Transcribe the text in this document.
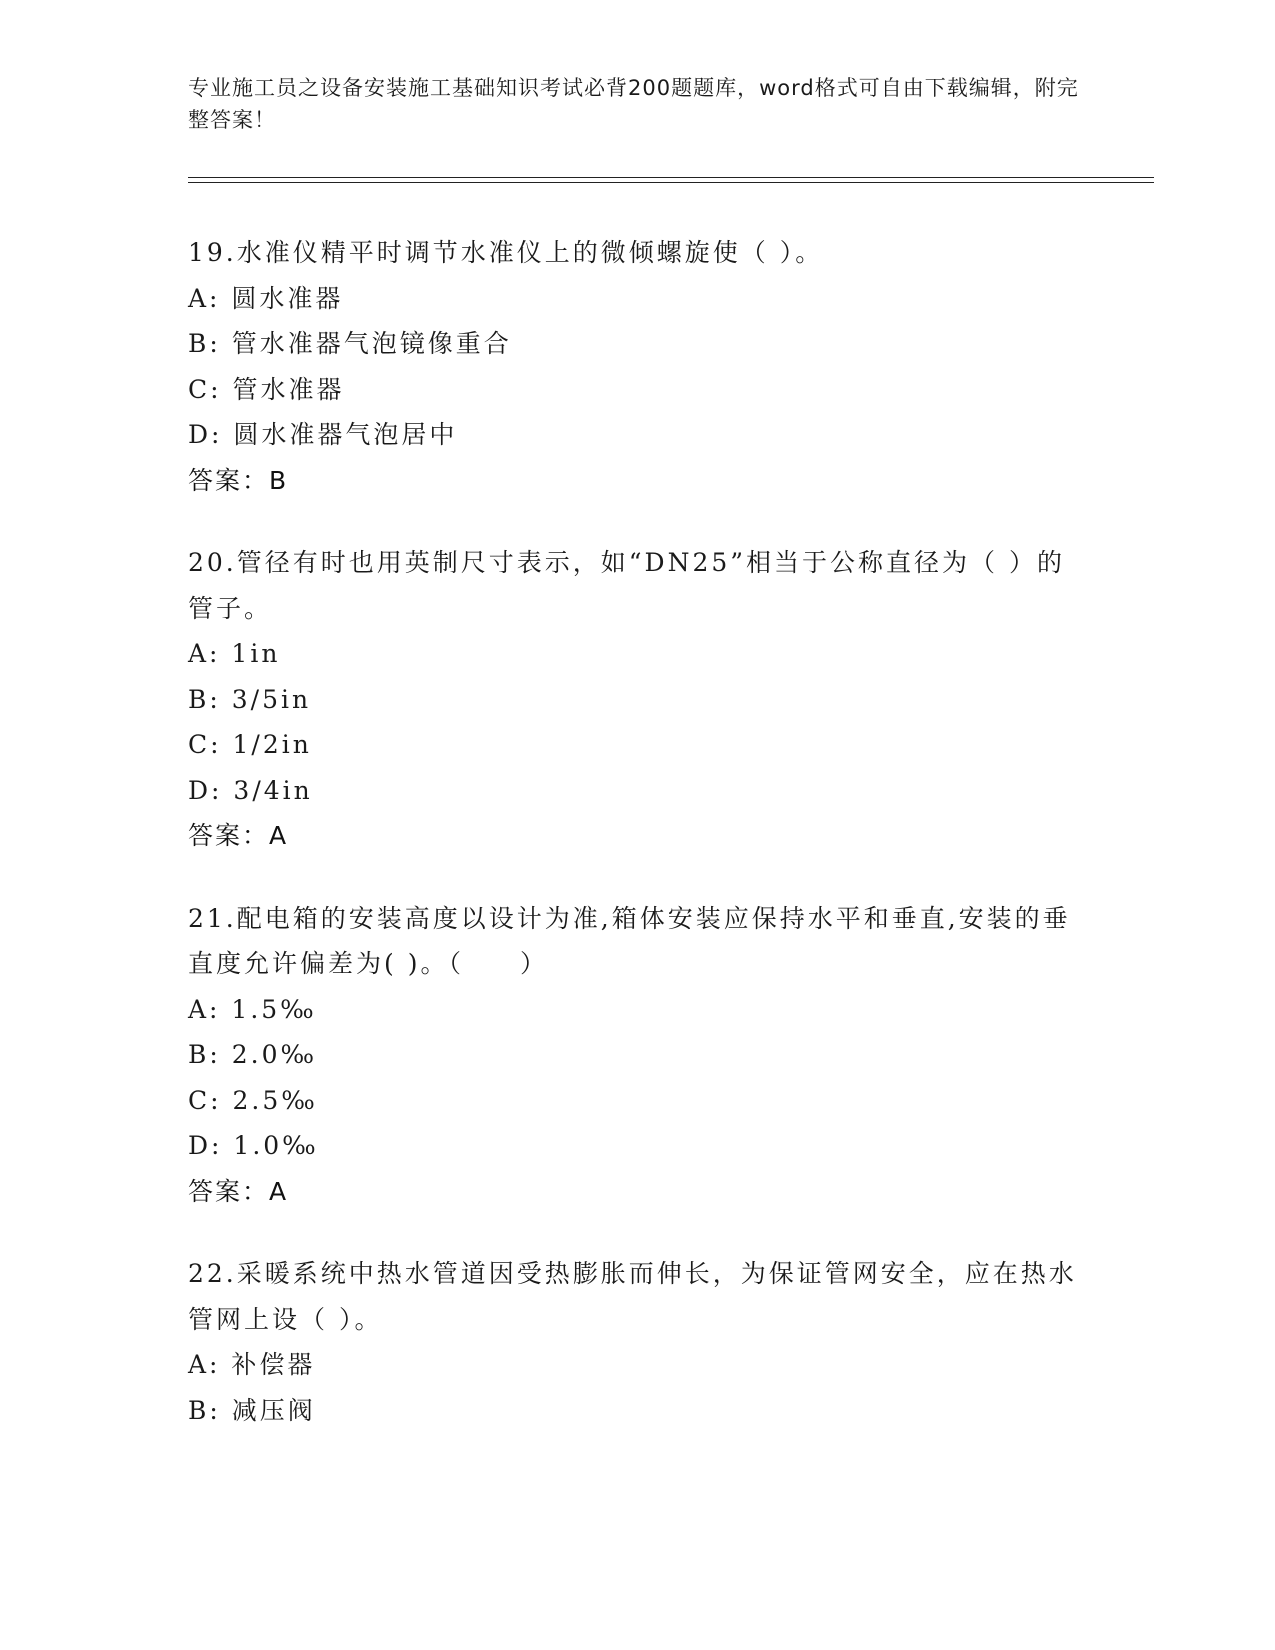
专业施工员之设备安装施工基础知识考试必背200题题库，word格式可自由下载编辑，附完整答案！
19.水准仪精平时调节水准仪上的微倾螺旋使（ ）。
A: 圆水准器
B: 管水准器气泡镜像重合
C: 管水准器
D: 圆水准器气泡居中
答案：B
20.管径有时也用英制尺寸表示，如“DN25”相当于公称直径为（ ）的管子。
A: 1in
B: 3/5in
C: 1/2in
D: 3/4in
答案：A
21.配电箱的安装高度以设计为准,箱体安装应保持水平和垂直,安装的垂直度允许偏差为( )。（　　）
A: 1.5‰
B: 2.0‰
C: 2.5‰
D: 1.0‰
答案：A
22.采暖系统中热水管道因受热膨胀而伸长，为保证管网安全，应在热水管网上设（ ）。
A: 补偿器
B: 减压阀
